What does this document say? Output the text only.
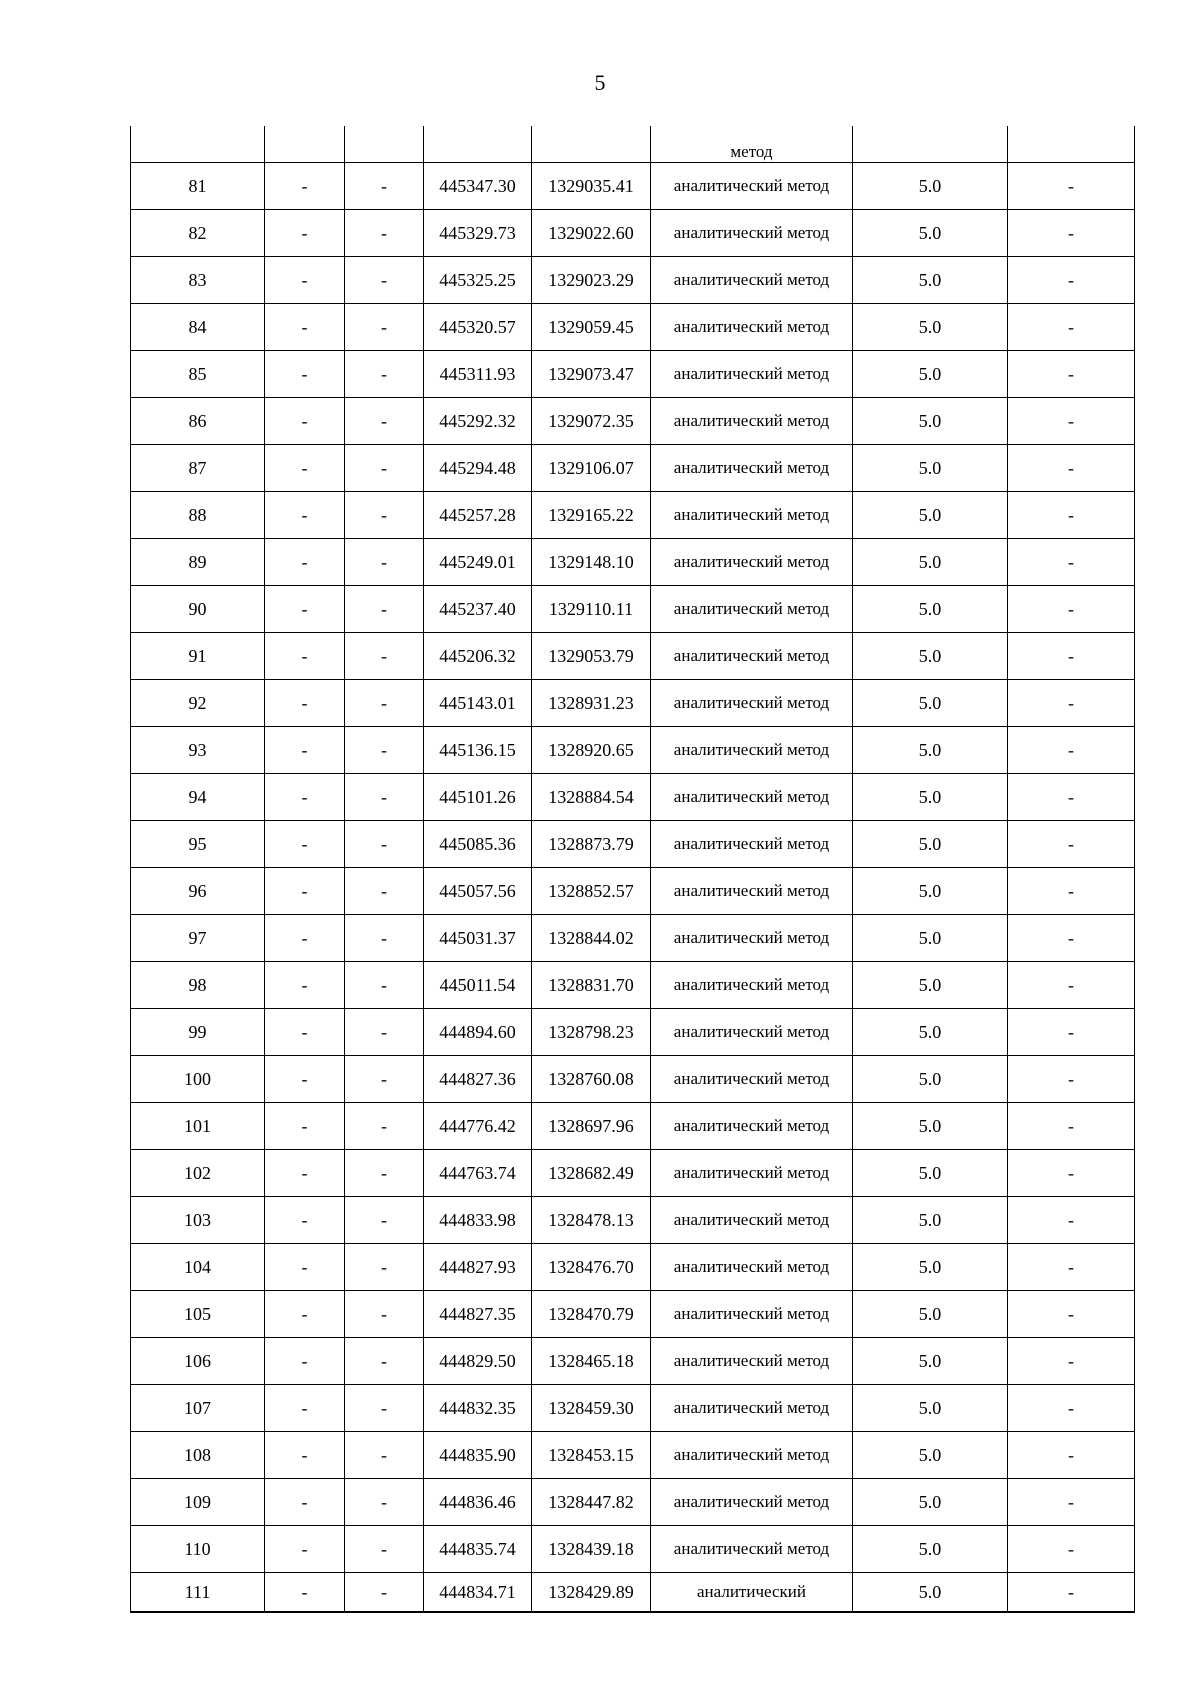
5
					метод		
81	-	-	445347.30	1329035.41	аналитический метод	5.0	-
82	-	-	445329.73	1329022.60	аналитический метод	5.0	-
83	-	-	445325.25	1329023.29	аналитический метод	5.0	-
84	-	-	445320.57	1329059.45	аналитический метод	5.0	-
85	-	-	445311.93	1329073.47	аналитический метод	5.0	-
86	-	-	445292.32	1329072.35	аналитический метод	5.0	-
87	-	-	445294.48	1329106.07	аналитический метод	5.0	-
88	-	-	445257.28	1329165.22	аналитический метод	5.0	-
89	-	-	445249.01	1329148.10	аналитический метод	5.0	-
90	-	-	445237.40	1329110.11	аналитический метод	5.0	-
91	-	-	445206.32	1329053.79	аналитический метод	5.0	-
92	-	-	445143.01	1328931.23	аналитический метод	5.0	-
93	-	-	445136.15	1328920.65	аналитический метод	5.0	-
94	-	-	445101.26	1328884.54	аналитический метод	5.0	-
95	-	-	445085.36	1328873.79	аналитический метод	5.0	-
96	-	-	445057.56	1328852.57	аналитический метод	5.0	-
97	-	-	445031.37	1328844.02	аналитический метод	5.0	-
98	-	-	445011.54	1328831.70	аналитический метод	5.0	-
99	-	-	444894.60	1328798.23	аналитический метод	5.0	-
100	-	-	444827.36	1328760.08	аналитический метод	5.0	-
101	-	-	444776.42	1328697.96	аналитический метод	5.0	-
102	-	-	444763.74	1328682.49	аналитический метод	5.0	-
103	-	-	444833.98	1328478.13	аналитический метод	5.0	-
104	-	-	444827.93	1328476.70	аналитический метод	5.0	-
105	-	-	444827.35	1328470.79	аналитический метод	5.0	-
106	-	-	444829.50	1328465.18	аналитический метод	5.0	-
107	-	-	444832.35	1328459.30	аналитический метод	5.0	-
108	-	-	444835.90	1328453.15	аналитический метод	5.0	-
109	-	-	444836.46	1328447.82	аналитический метод	5.0	-
110	-	-	444835.74	1328439.18	аналитический метод	5.0	-
111	-	-	444834.71	1328429.89	аналитический	5.0	-
